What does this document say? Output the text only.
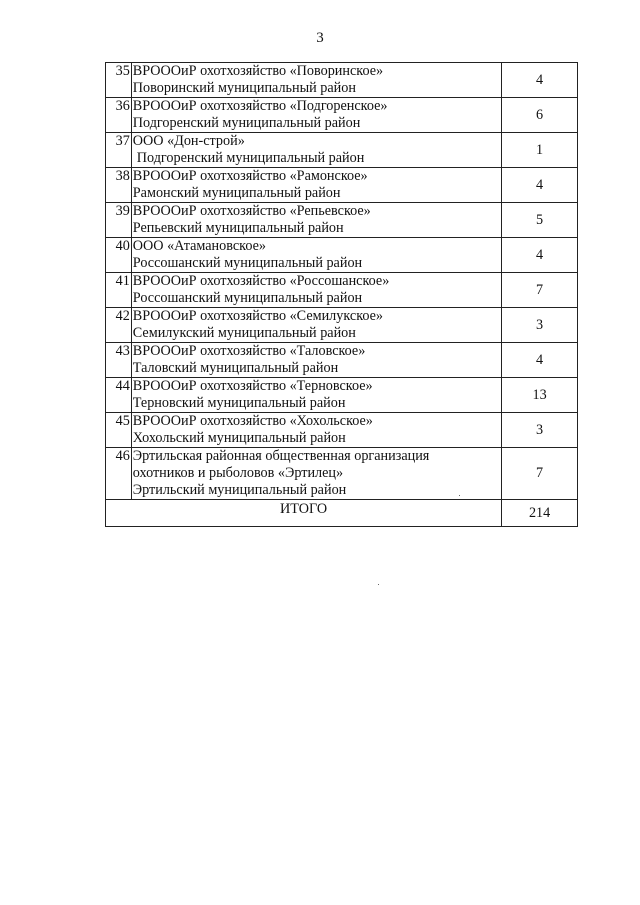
3
35	ВРОООиР охотхозяйство «Поворинское»
Поворинский муниципальный район	4
36	ВРОООиР охотхозяйство «Подгоренское»
Подгоренский муниципальный район	6
37	ООО «Дон-строй»
Подгоренский муниципальный район	1
38	ВРОООиР охотхозяйство «Рамонское»
Рамонский муниципальный район	4
39	ВРОООиР охотхозяйство «Репьевское»
Репьевский муниципальный район	5
40	ООО «Атамановское»
Россошанский муниципальный район	4
41	ВРОООиР охотхозяйство «Россошанское»
Россошанский муниципальный район	7
42	ВРОООиР охотхозяйство «Семилукское»
Семилукский муниципальный район	3
43	ВРОООиР охотхозяйство «Таловское»
Таловский муниципальный район	4
44	ВРОООиР охотхозяйство «Терновское»
Терновский муниципальный район	13
45	ВРОООиР охотхозяйство «Хохольское»
Хохольский муниципальный район	3
46	Эртильская районная общественная организация
охотников и рыболовов «Эртилец»
Эртильский муниципальный район	7
ИТОГО		214
